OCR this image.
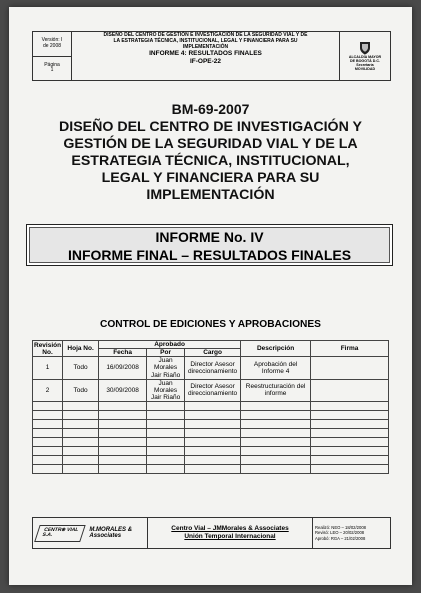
Versión: I
de 2008
Página
1
DISEÑO DEL CENTRO DE GESTIÓN E INVESTIGACIÓN DE LA SEGURIDAD VIAL Y DE
LA ESTRATEGIA TÉCNICA, INSTITUCIONAL, LEGAL Y FINANCIERA PARA SU
IMPLEMENTACIÓN
INFORME 4: RESULTADOS FINALES
IF-OPE-22
ALCALDÍA MAYOR
DE BOGOTÁ D.C.
Secretaría
MOVILIDAD
BM-69-2007
DISEÑO DEL CENTRO DE INVESTIGACIÓN Y
GESTIÓN DE LA SEGURIDAD VIAL Y DE LA
ESTRATEGIA TÉCNICA, INSTITUCIONAL,
LEGAL Y FINANCIERA PARA SU
IMPLEMENTACIÓN
INFORME No. IV
INFORME FINAL – RESULTADOS FINALES
CONTROL DE EDICIONES Y APROBACIONES
Revisión No.	Hoja No.	Aprobado			Descripción	Firma
		Fecha	Por	Cargo		
1	Todo	16/09/2008	Juan Morales Jair Riaño	Director Asesor direccionamiento	Aprobación del Informe 4	
2	Todo	30/09/2008	Juan Morales Jair Riaño	Director Asesor direccionamiento	Reestructuración del informe	

CENTR⊛ VIAL S.A.
M.MORALES & Associates
Centro Vial – JMMorales & Associates
Unión Temporal Internacional
Realizó: NEO – 18/02/2008
Revisó: LEO – 20/02/2008
Aprobó: RGA – 21/02/2008
